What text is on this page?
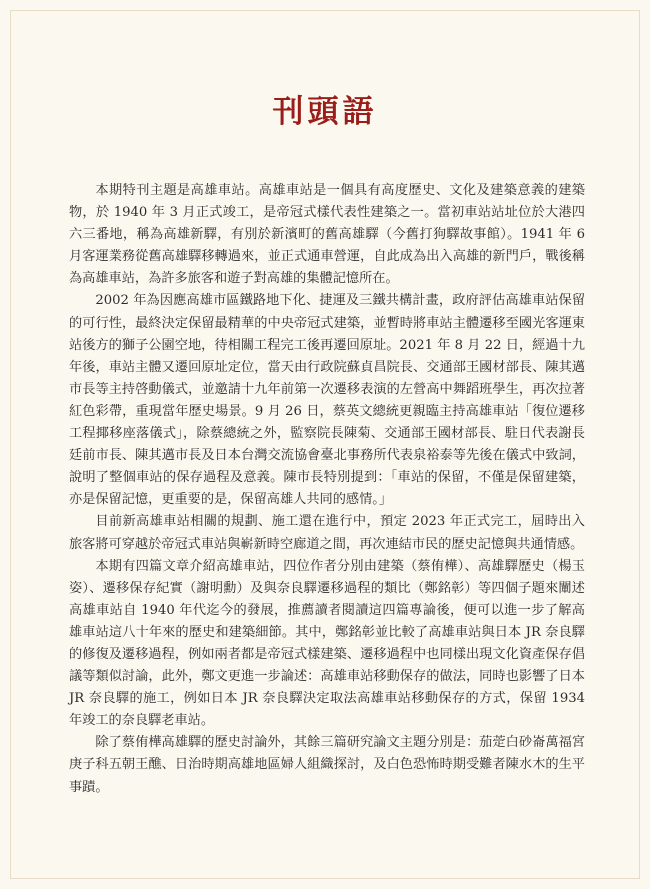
刊頭語

本期特刊主題是高雄車站。高雄車站是一個具有高度歷史、文化及建築意義的建築物，於 1940 年 3 月正式竣工，是帝冠式樣代表性建築之一。當初車站站址位於大港四六三番地，稱為高雄新驛，有別於新濱町的舊高雄驛（今舊打狗驛故事館）。1941 年 6 月客運業務從舊高雄驛移轉過來，並正式通車營運，自此成為出入高雄的新門戶，戰後稱為高雄車站，為許多旅客和遊子對高雄的集體記憶所在。

2002 年為因應高雄市區鐵路地下化、捷運及三鐵共構計畫，政府評估高雄車站保留的可行性，最終決定保留最精華的中央帝冠式建築，並暫時將車站主體遷移至國光客運東站後方的獅子公園空地，待相關工程完工後再遷回原址。2021 年 8 月 22 日，經過十九年後，車站主體又遷回原址定位，當天由行政院蘇貞昌院長、交通部王國材部長、陳其邁市長等主持啓動儀式，並邀請十九年前第一次遷移表演的左營高中舞蹈班學生，再次拉著紅色彩帶，重現當年歷史場景。9 月 26 日，蔡英文總統更親臨主持高雄車站「復位遷移工程揶移座落儀式」，除蔡總統之外，監察院長陳菊、交通部王國材部長、駐日代表謝長廷前市長、陳其邁市長及日本台灣交流協會臺北事務所代表泉裕泰等先後在儀式中致詞，說明了整個車站的保存過程及意義。陳市長特別提到：「車站的保留，不僅是保留建築，亦是保留記憶，更重要的是，保留高雄人共同的感情。」

目前新高雄車站相關的規劃、施工還在進行中，預定 2023 年正式完工，屆時出入旅客將可穿越於帝冠式車站與嶄新時空廊道之間，再次連結市民的歷史記憶與共通情感。

本期有四篇文章介紹高雄車站，四位作者分別由建築（蔡侑樺）、高雄驛歷史（楊玉姿）、遷移保存紀實（謝明勳）及與奈良驛遷移過程的類比（鄭銘彰）等四個子題來闡述高雄車站自 1940 年代迄今的發展，推薦讀者閱讀這四篇專論後，便可以進一步了解高雄車站這八十年來的歷史和建築細節。其中，鄭銘彰並比較了高雄車站與日本 JR 奈良驛的修復及遷移過程，例如兩者都是帝冠式樣建築、遷移過程中也同樣出現文化資產保存倡議等類似討論，此外，鄭文更進一步論述：高雄車站移動保存的做法，同時也影響了日本 JR 奈良驛的施工，例如日本 JR 奈良驛決定取法高雄車站移動保存的方式，保留 1934 年竣工的奈良驛老車站。

除了蔡侑樺高雄驛的歷史討論外，其餘三篇研究論文主題分別是：茄萣白砂崙萬福宮庚子科五朝王醮、日治時期高雄地區婦人組織探討，及白色恐怖時期受難者陳水木的生平事蹟。
